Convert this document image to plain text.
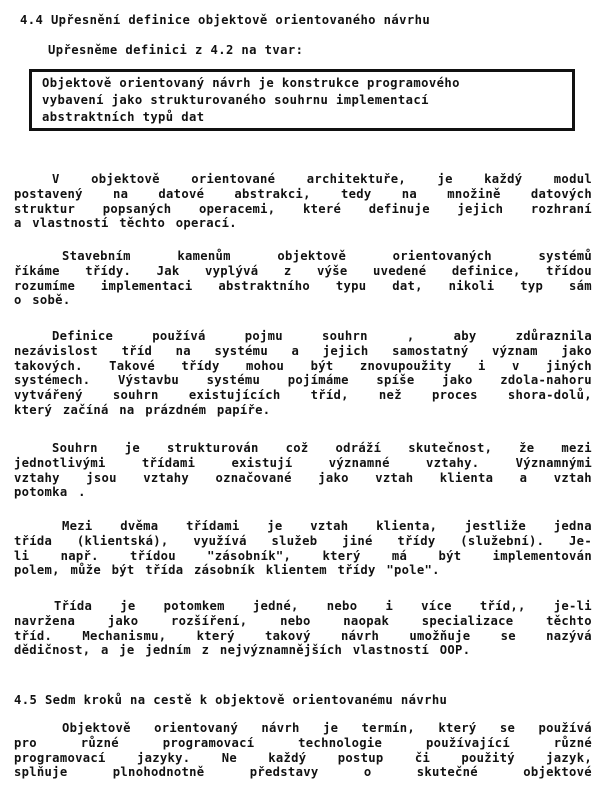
4.4 Upřesnění definice objektově orientovaného návrhu
Upřesněme definici z 4.2 na tvar:
Objektově orientovaný návrh je konstrukce programového
vybavení jako strukturovaného souhrnu implementací
abstraktních typů dat
V	objektově	orientované	architektuře,	je	každý	modul
postavený na datové abstrakci, tedy na množině datových
struktur popsaných operacemi, které definuje jejich rozhraní
a vlastností těchto operací.
Stavebním	kamenům	objektově	orientovaných	systémů
říkáme třídy. Jak vyplývá z výše uvedené definice, třídou
rozumíme implementaci abstraktního typu dat, nikoli typ sám
o sobě.
Definice	používá	pojmu	souhrn	,	aby	zdůraznila
nezávislost tříd na systému a jejich samostatný význam jako
takových. Takové třídy mohou být znovupoužity i v jiných
systémech. Výstavbu systému pojímáme spíše jako zdola-nahoru
vytvářený souhrn existujících tříd, než proces shora-dolů,
který začíná na prázdném papíře.
Souhrn je strukturován což odráží skutečnost, že mezi
jednotlivými	třídami	existují	významné	vztahy.	Významnými
vztahy jsou vztahy označované jako vztah klienta a vztah
potomka .
Mezi dvěma třídami je vztah klienta, jestliže jedna
třída (klientská), využívá služeb jiné třídy (služební). Je-
li	např.	třídou	"zásobník",	který	má	být	implementován
polem, může být třída zásobník klientem třídy "pole".
Třída je potomkem jedné, nebo i více tříd,, je-li
navržena	jako	rozšíření,	nebo	naopak	specializace	těchto
tříd. Mechanismu, který takový návrh umožňuje se nazývá
dědičnost, a je jedním z nejvýznamnějších vlastností OOP.
4.5 Sedm kroků na cestě k objektově orientovanému návrhu
Objektově orientovaný návrh je termín, který se používá
pro	různé	programovací	technologie	používající	různé
programovací	jazyky.	Ne	každý	postup	či	použitý	jazyk,
splňuje	plnohodnotně	představy	o	skutečné	objektové
